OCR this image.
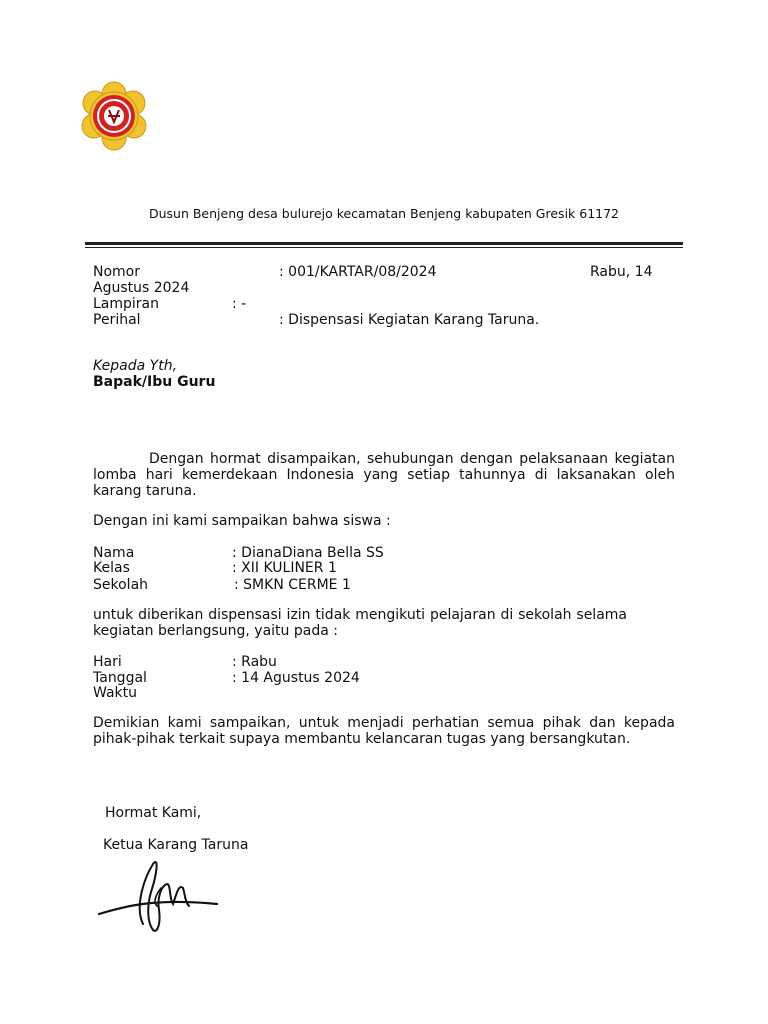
Dusun Benjeng desa bulurejo kecamatan Benjeng kabupaten Gresik 61172
Nomor	: 001/KARTAR/08/2024	Rabu, 14
Agustus 2024
Lampiran	: -
Perihal	: Dispensasi Kegiatan Karang Taruna.
Kepada Yth,
Bapak/Ibu Guru
Dengan hormat disampaikan, sehubungan dengan pelaksanaan kegiatan lomba hari kemerdekaan Indonesia yang setiap tahunnya di laksanakan oleh karang taruna.
Dengan ini kami sampaikan bahwa siswa :
Nama	: DianaDiana Bella SS
Kelas	: XII KULINER 1
Sekolah	: SMKN CERME 1
untuk diberikan dispensasi izin tidak mengikuti pelajaran di sekolah selama kegiatan berlangsung, yaitu pada :
Hari	: Rabu
Tanggal	: 14 Agustus 2024
Waktu
Demikian kami sampaikan, untuk menjadi perhatian semua pihak dan kepada pihak-pihak terkait supaya membantu kelancaran tugas yang bersangkutan.
Hormat Kami,
Ketua Karang Taruna
